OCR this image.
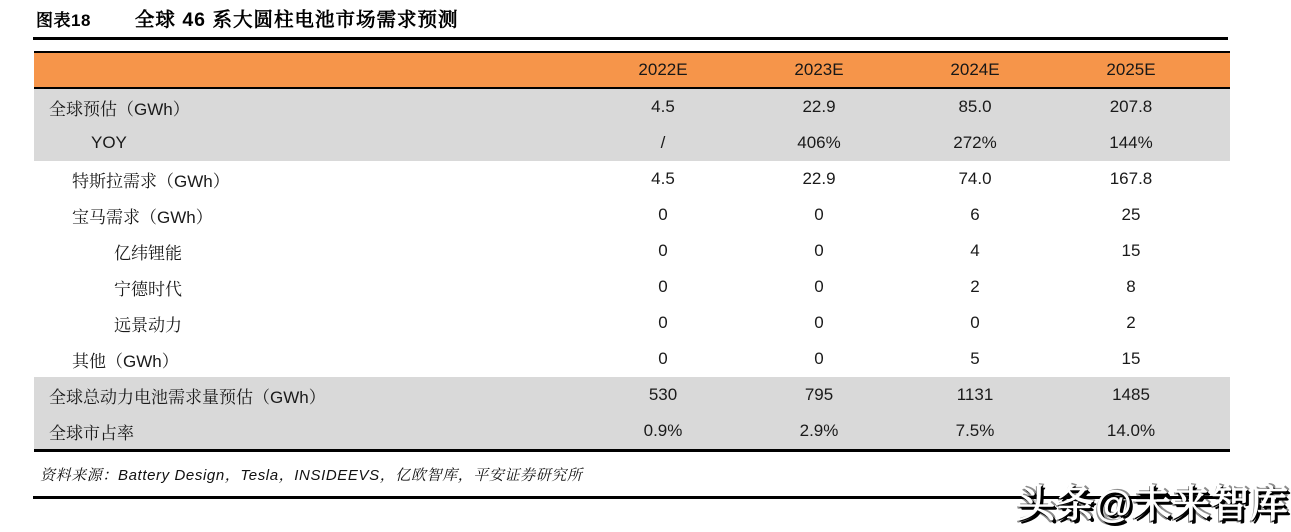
图表18 全球 46 系大圆柱电池市场需求预测
2022E	2023E	2024E	2025E
全球预估（GWh）	4.5	22.9	85.0	207.8
YOY	/	406%	272%	144%
特斯拉需求（GWh）	4.5	22.9	74.0	167.8
宝马需求（GWh）	0	0	6	25
亿纬锂能	0	0	4	15
宁德时代	0	0	2	8
远景动力	0	0	0	2
其他（GWh）	0	0	5	15
全球总动力电池需求量预估（GWh）	530	795	1131	1485
全球市占率	0.9%	2.9%	7.5%	14.0%
资料来源：Battery Design，Tesla，INSIDEEVS，亿欧智库，平安证券研究所
头条@未来智库
